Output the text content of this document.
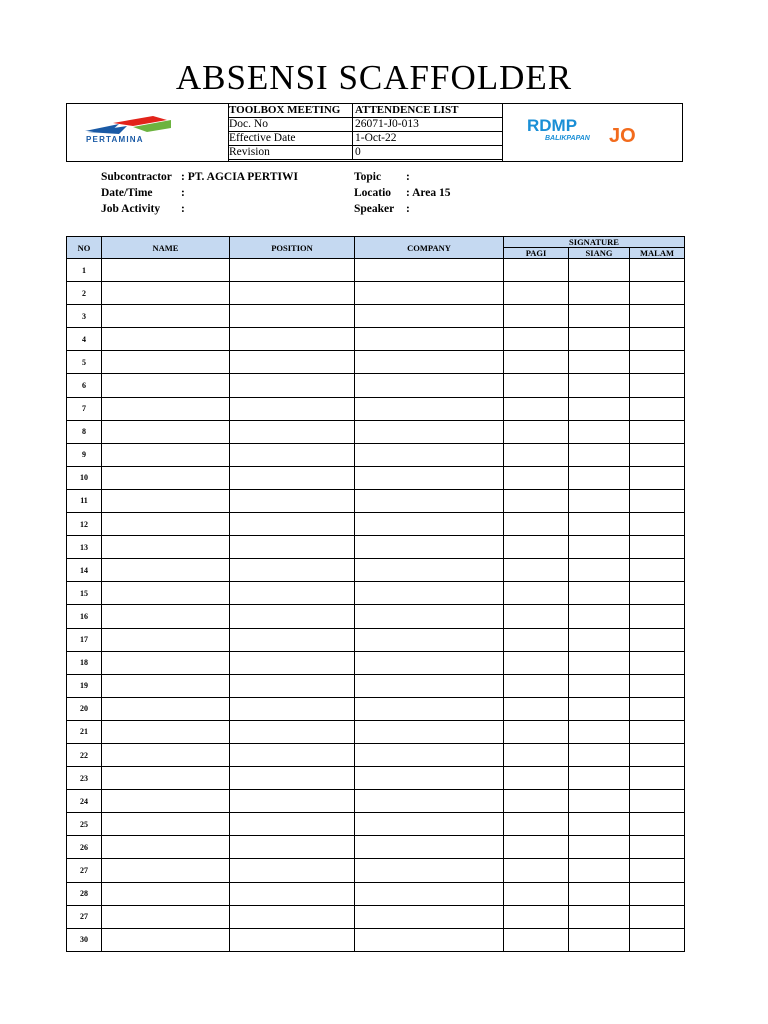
ABSENSI SCAFFOLDER
PERTAMINA
TOOLBOX MEETING	ATTENDENCE LIST
Doc. No	26071-J0-013
Effective Date	1-Oct-22
Revision	0
RDMP
BALIKPAPAN JO
Subcontractor : PT. AGCIA PERTIWI
Date/Time :
Job Activity :
Topic :
Locatio : Area 15
Speaker :
NO	NAME	POSITION	COMPANY	SIGNATURE		
				PAGI	SIANG	MALAM
1						
2						
3						
4						
5						
6						
7						
8						
9						
10						
11						
12						
13						
14						
15						
16						
17						
18						
19						
20						
21						
22						
23						
24						
25						
26						
27						
28						
27						
30						
